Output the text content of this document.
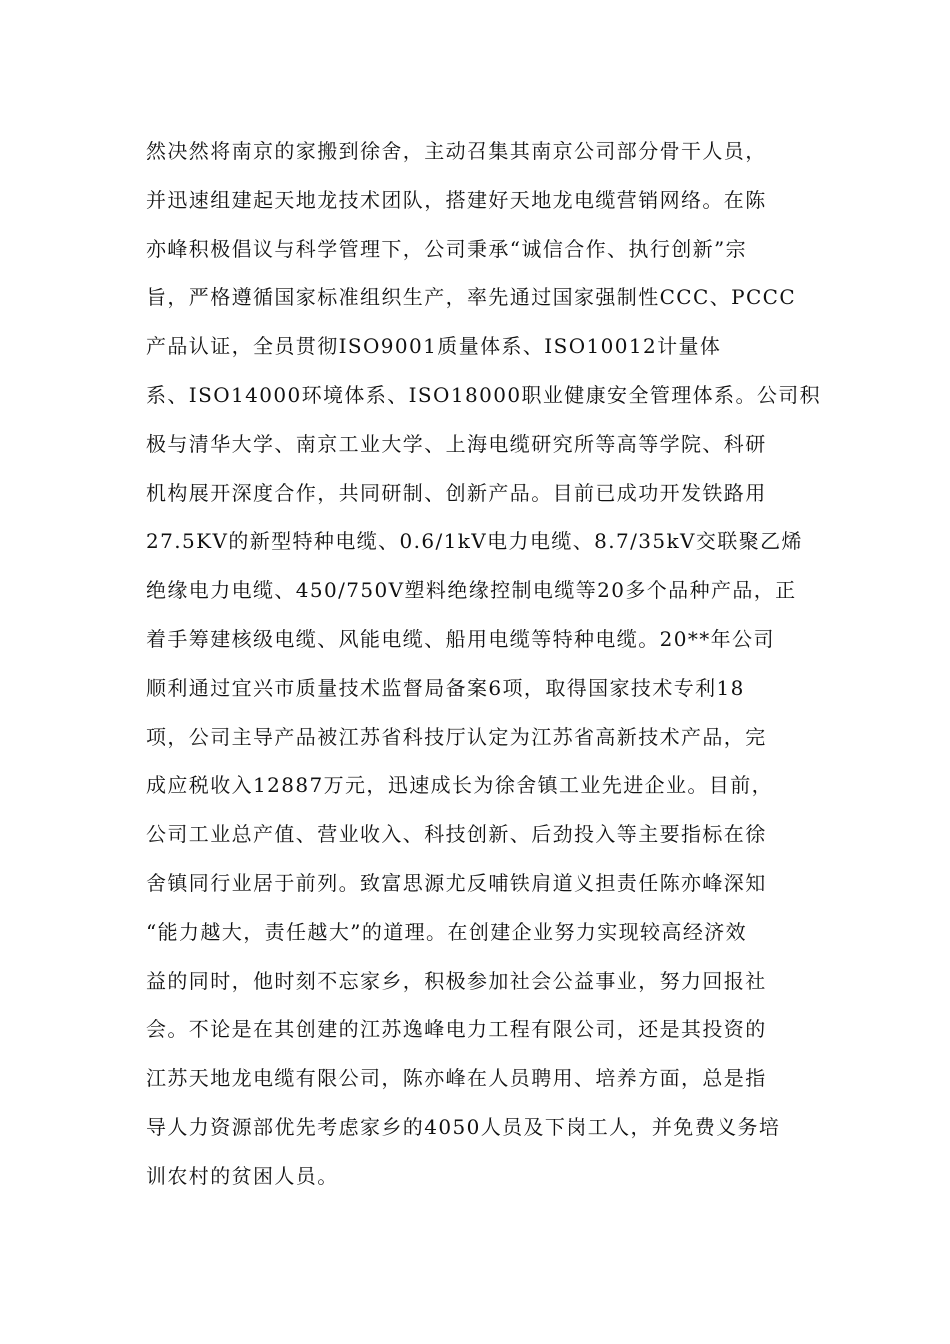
然决然将南京的家搬到徐舍，主动召集其南京公司部分骨干人员，
并迅速组建起天地龙技术团队，搭建好天地龙电缆营销网络。在陈
亦峰积极倡议与科学管理下，公司秉承“诚信合作、执行创新”宗
旨，严格遵循国家标准组织生产，率先通过国家强制性CCC、PCCC
产品认证，全员贯彻ISO9001质量体系、ISO10012计量体
系、ISO14000环境体系、ISO18000职业健康安全管理体系。公司积
极与清华大学、南京工业大学、上海电缆研究所等高等学院、科研
机构展开深度合作，共同研制、创新产品。目前已成功开发铁路用
27.5KV的新型特种电缆、0.6/1kV电力电缆、8.7/35kV交联聚乙烯
绝缘电力电缆、450/750V塑料绝缘控制电缆等20多个品种产品，正
着手筹建核级电缆、风能电缆、船用电缆等特种电缆。20**年公司
顺利通过宜兴市质量技术监督局备案6项，取得国家技术专利18
项，公司主导产品被江苏省科技厅认定为江苏省高新技术产品，完
成应税收入12887万元，迅速成长为徐舍镇工业先进企业。目前，
公司工业总产值、营业收入、科技创新、后劲投入等主要指标在徐
舍镇同行业居于前列。致富思源尤反哺铁肩道义担责任陈亦峰深知
“能力越大，责任越大”的道理。在创建企业努力实现较高经济效
益的同时，他时刻不忘家乡，积极参加社会公益事业，努力回报社
会。不论是在其创建的江苏逸峰电力工程有限公司，还是其投资的
江苏天地龙电缆有限公司，陈亦峰在人员聘用、培养方面，总是指
导人力资源部优先考虑家乡的4050人员及下岗工人，并免费义务培
训农村的贫困人员。
